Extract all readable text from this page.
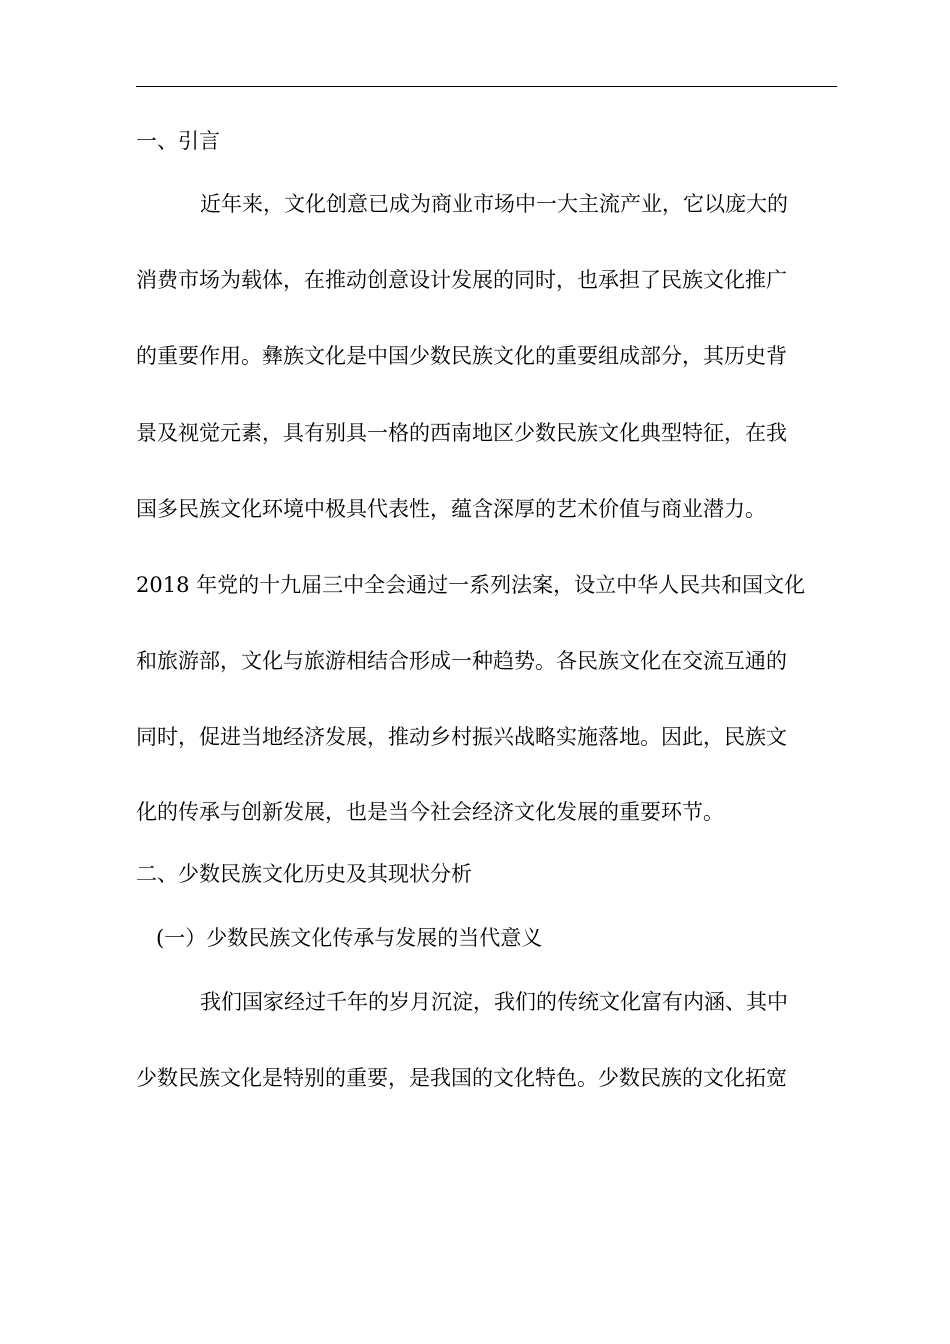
一、引言
近年来，文化创意已成为商业市场中一大主流产业，它以庞大的
消费市场为载体，在推动创意设计发展的同时，也承担了民族文化推广
的重要作用。彝族文化是中国少数民族文化的重要组成部分，其历史背
景及视觉元素，具有别具一格的西南地区少数民族文化典型特征，在我
国多民族文化环境中极具代表性，蕴含深厚的艺术价值与商业潜力。
2018 年党的十九届三中全会通过一系列法案，设立中华人民共和国文化
和旅游部，文化与旅游相结合形成一种趋势。各民族文化在交流互通的
同时，促进当地经济发展，推动乡村振兴战略实施落地。因此，民族文
化的传承与创新发展，也是当今社会经济文化发展的重要环节。
二、少数民族文化历史及其现状分析
(一）少数民族文化传承与发展的当代意义
我们国家经过千年的岁月沉淀，我们的传统文化富有内涵、其中
少数民族文化是特别的重要，是我国的文化特色。少数民族的文化拓宽
